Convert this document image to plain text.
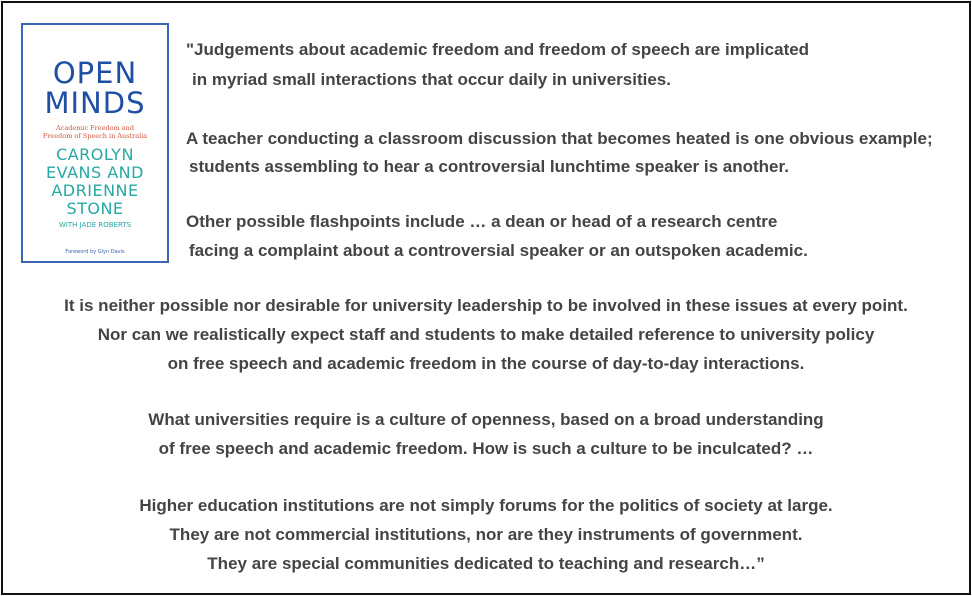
OPEN
MINDS
Academic Freedom and
Freedom of Speech in Australia
CAROLYN
EVANS AND
ADRIENNE
STONE
WITH JADE ROBERTS
Foreword by Glyn Davis
"Judgements about academic freedom and freedom of speech are implicated
in myriad small interactions that occur daily in universities.
A teacher conducting a classroom discussion that becomes heated is one obvious example;
students assembling to hear a controversial lunchtime speaker is another.
Other possible flashpoints include … a dean or head of a research centre
facing a complaint about a controversial speaker or an outspoken academic.
It is neither possible nor desirable for university leadership to be involved in these issues at every point.
Nor can we realistically expect staff and students to make detailed reference to university policy
on free speech and academic freedom in the course of day-to-day interactions.
What universities require is a culture of openness, based on a broad understanding
of free speech and academic freedom. How is such a culture to be inculcated? …
Higher education institutions are not simply forums for the politics of society at large.
They are not commercial institutions, nor are they instruments of government.
They are special communities dedicated to teaching and research…”
